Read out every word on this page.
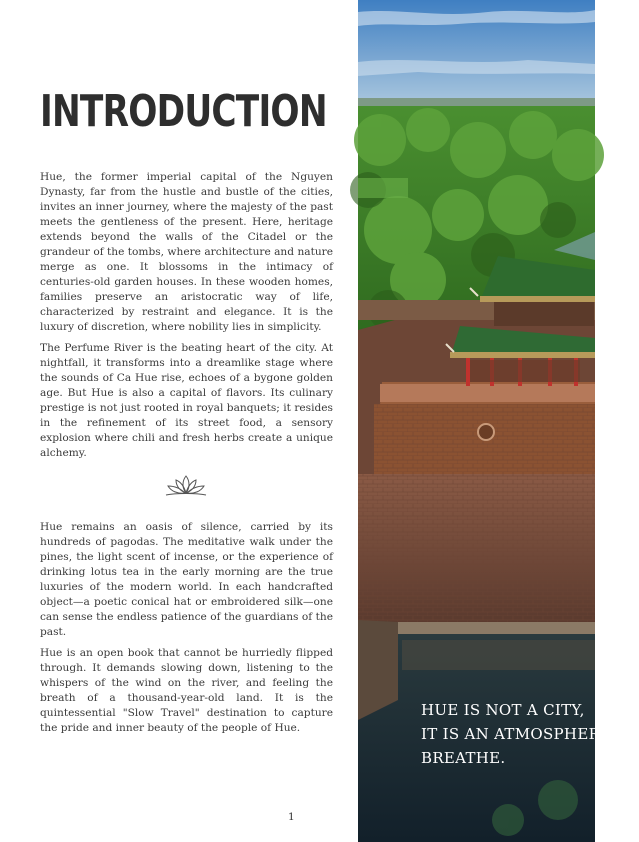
INTRODUCTION

Hue, the former imperial capital of the Nguyen Dynasty, far from the hustle and bustle of the cities, invites an inner journey, where the majesty of the past meets the gentleness of the present. Here, heritage extends beyond the walls of the Citadel or the grandeur of the tombs, where architecture and nature merge as one. It blossoms in the intimacy of centuries-old garden houses. In these wooden homes, families preserve an aristocratic way of life, characterized by restraint and elegance. It is the luxury of discretion, where nobility lies in simplicity.

The Perfume River is the beating heart of the city. At nightfall, it transforms into a dreamlike stage where the sounds of Ca Hue rise, echoes of a bygone golden age. But Hue is also a capital of flavors. Its culinary prestige is not just rooted in royal banquets; it resides in the refinement of its street food, a sensory explosion where chili and fresh herbs create a unique alchemy.

Hue remains an oasis of silence, carried by its hundreds of pagodas. The meditative walk under the pines, the light scent of incense, or the experience of drinking lotus tea in the early morning are the true luxuries of the modern world. In each handcrafted object—a poetic conical hat or embroidered silk—one can sense the endless patience of the guardians of the past.

Hue is an open book that cannot be hurriedly flipped through. It demands slowing down, listening to the whispers of the wind on the river, and feeling the breath of a thousand-year-old land. It is the quintessential "Slow Travel" destination to capture the pride and inner beauty of the people of Hue.

1
HUE IS NOT A CITY,
IT IS AN ATMOSPHERE TO
BREATHE.
